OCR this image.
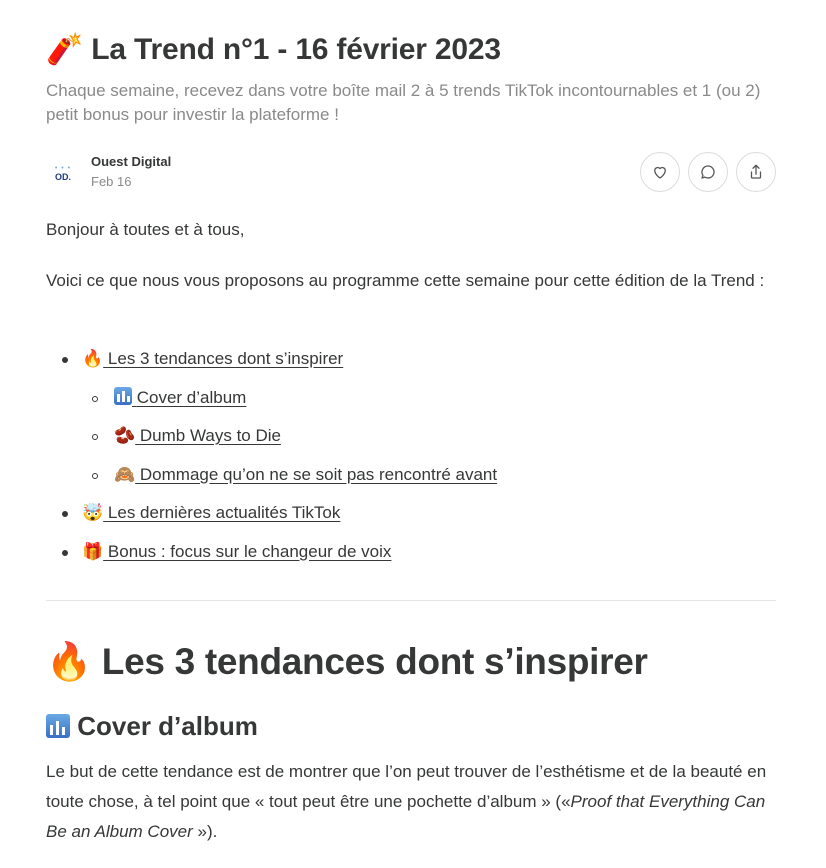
🧨 La Trend n°1 - 16 février 2023

Chaque semaine, recevez dans votre boîte mail 2 à 5 trends TikTok incontournables et 1 (ou 2) petit bonus pour investir la plateforme !

• • •
OD.
Ouest Digital
Feb 16

Bonjour à toutes et à tous,

Voici ce que nous vous proposons au programme cette semaine pour cette édition de la Trend :

🔥 Les 3 tendances dont s’inspirer
Cover d’album
🫘 Dumb Ways to Die
🙈 Dommage qu’on ne se soit pas rencontré avant
🤯 Les dernières actualités TikTok
🎁 Bonus : focus sur le changeur de voix
🔥 Les 3 tendances dont s’inspirer
Cover d’album

Le but de cette tendance est de montrer que l’on peut trouver de l’esthétisme et de la beauté en toute chose, à tel point que « tout peut être une pochette d’album » («Proof that Everything Can Be an Album Cover »).
